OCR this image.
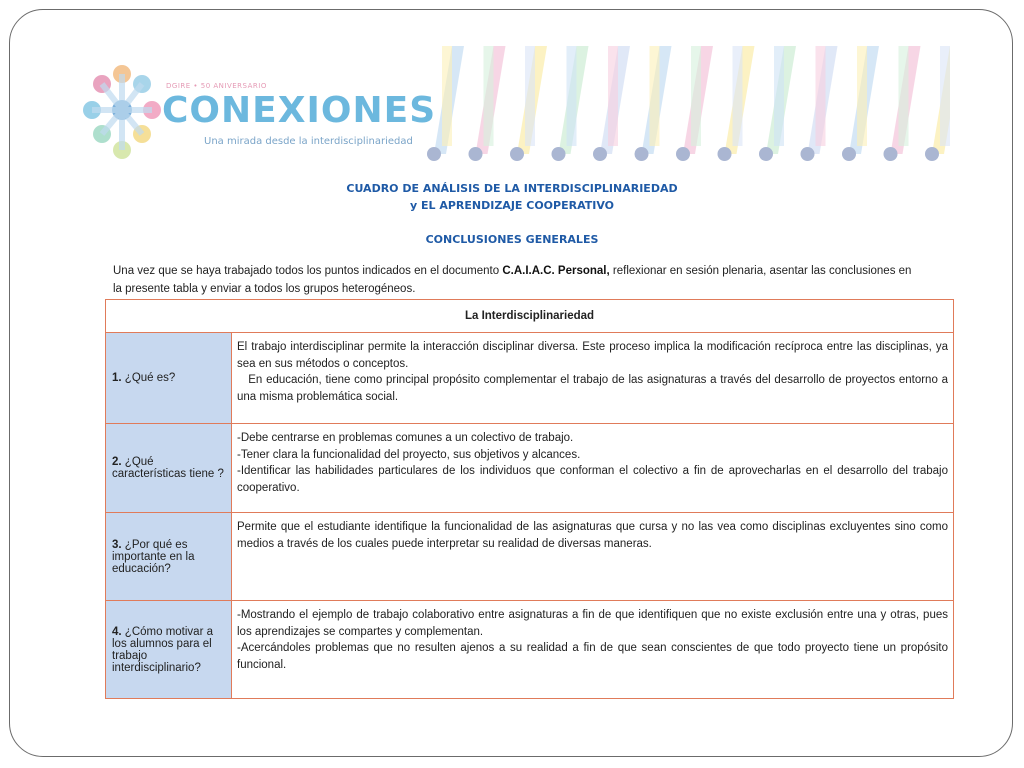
DGIRE • 50 ANIVERSARIO
CONEXIONES
Una mirada desde la interdisciplinariedad
CUADRO DE ANÁLISIS DE LA INTERDISCIPLINARIEDAD
y EL APRENDIZAJE COOPERATIVO
CONCLUSIONES GENERALES
Una vez que se haya trabajado todos los puntos indicados en el documento C.A.I.A.C. Personal, reflexionar en sesión plenaria, asentar las conclusiones en la presente tabla y enviar a todos los grupos heterogéneos.
La Interdisciplinariedad	
1. ¿Qué es?	El trabajo interdisciplinar permite la interacción disciplinar diversa. Este proceso implica la modificación recíproca entre las disciplinas, ya sea en sus métodos o conceptos.
En educación, tiene como principal propósito complementar el trabajo de las asignaturas a través del desarrollo de proyectos entorno a una misma problemática social.

2. ¿Qué características tiene ?	-Debe centrarse en problemas comunes a un colectivo de trabajo.
-Tener clara la funcionalidad del proyecto, sus objetivos y alcances.
-Identificar las habilidades particulares de los individuos que conforman el colectivo a fin de aprovecharlas en el desarrollo del trabajo cooperativo.

3. ¿Por qué es importante en la educación?	Permite que el estudiante identifique la funcionalidad de las asignaturas que cursa y no las vea como disciplinas excluyentes sino como medios a través de los cuales puede interpretar su realidad de diversas maneras.

4. ¿Cómo motivar a los alumnos para el trabajo interdisciplinario?	-Mostrando el ejemplo de trabajo colaborativo entre asignaturas a fin de que identifiquen que no existe exclusión entre una y otras, pues los aprendizajes se compartes y complementan.
-Acercándoles problemas que no resulten ajenos a su realidad a fin de que sean conscientes de que todo proyecto tiene un propósito funcional.
